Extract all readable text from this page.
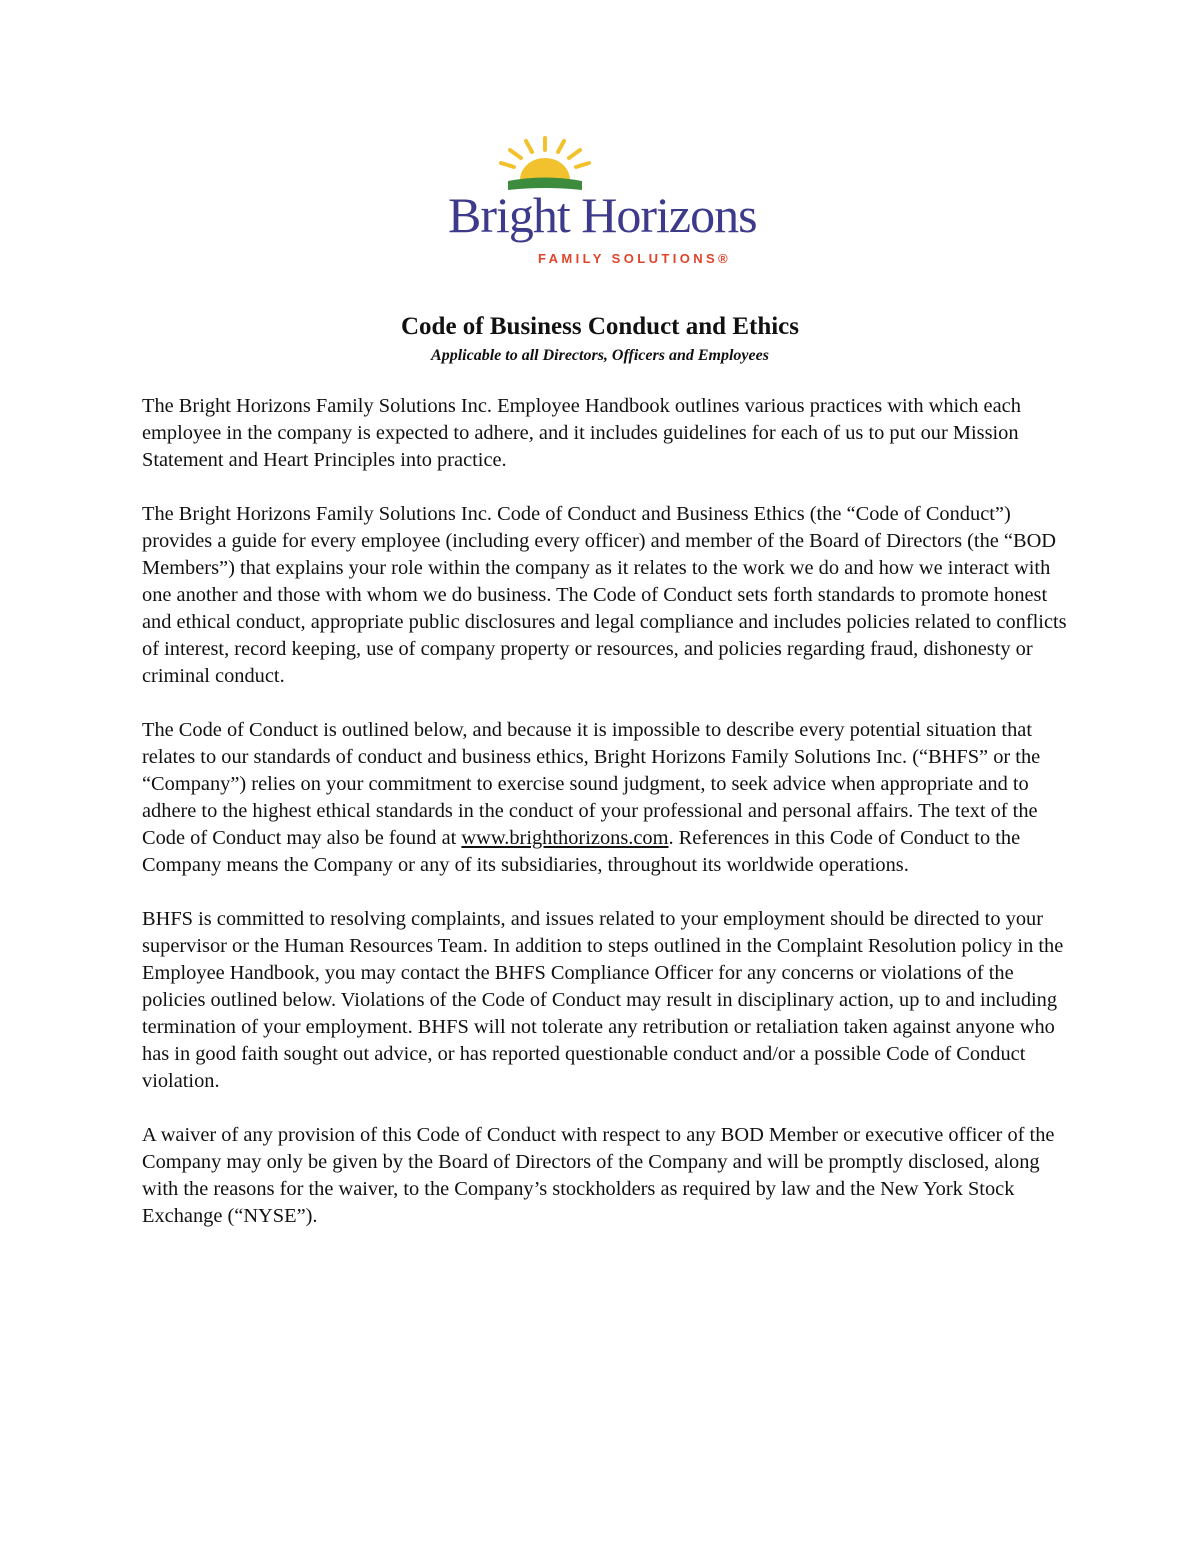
Bright Horizons
FAMILY SOLUTIONS®
Code of Business Conduct and Ethics
Applicable to all Directors, Officers and Employees

The Bright Horizons Family Solutions Inc. Employee Handbook outlines various practices with which each employee in the company is expected to adhere, and it includes guidelines for each of us to put our Mission Statement and Heart Principles into practice.

The Bright Horizons Family Solutions Inc. Code of Conduct and Business Ethics (the “Code of Conduct”) provides a guide for every employee (including every officer) and member of the Board of Directors (the “BOD Members”) that explains your role within the company as it relates to the work we do and how we interact with one another and those with whom we do business. The Code of Conduct sets forth standards to promote honest and ethical conduct, appropriate public disclosures and legal compliance and includes policies related to conflicts of interest, record keeping, use of company property or resources, and policies regarding fraud, dishonesty or criminal conduct.

The Code of Conduct is outlined below, and because it is impossible to describe every potential situation that relates to our standards of conduct and business ethics, Bright Horizons Family Solutions Inc. (“BHFS” or the “Company”) relies on your commitment to exercise sound judgment, to seek advice when appropriate and to adhere to the highest ethical standards in the conduct of your professional and personal affairs. The text of the Code of Conduct may also be found at www.brighthorizons.com. References in this Code of Conduct to the Company means the Company or any of its subsidiaries, throughout its worldwide operations.

BHFS is committed to resolving complaints, and issues related to your employment should be directed to your supervisor or the Human Resources Team. In addition to steps outlined in the Complaint Resolution policy in the Employee Handbook, you may contact the BHFS Compliance Officer for any concerns or violations of the policies outlined below. Violations of the Code of Conduct may result in disciplinary action, up to and including termination of your employment. BHFS will not tolerate any retribution or retaliation taken against anyone who has in good faith sought out advice, or has reported questionable conduct and/or a possible Code of Conduct violation.

A waiver of any provision of this Code of Conduct with respect to any BOD Member or executive officer of the Company may only be given by the Board of Directors of the Company and will be promptly disclosed, along with the reasons for the waiver, to the Company’s stockholders as required by law and the New York Stock Exchange (“NYSE”).
